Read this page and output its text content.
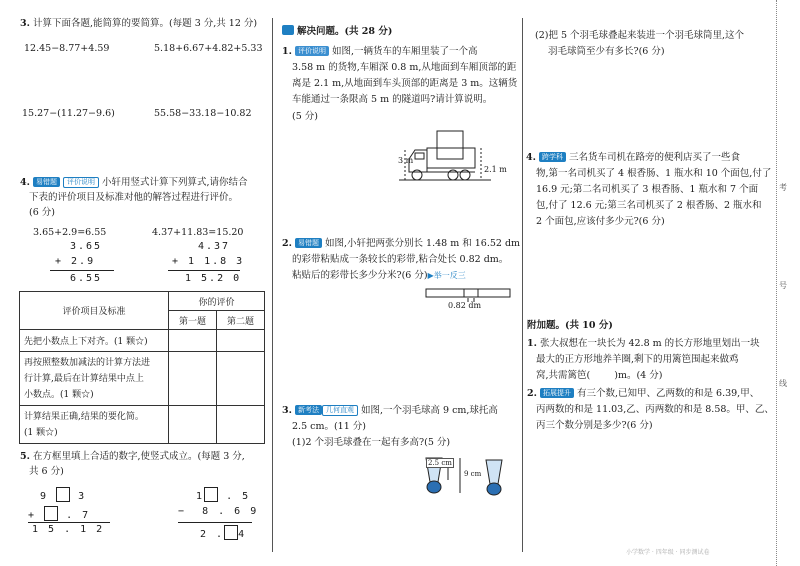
3. 计算下面各题,能简算的要简算。(每题 3 分,共 12 分)
12.45−8.77+4.59	5.18+6.67+4.82+5.33
15.27−(11.27−9.6)	55.58−33.18−10.82
4. 易错题 评价说明 小轩用竖式计算下列算式,请你结合
下表的评价项目及标准对他的解答过程进行评价。
(6 分)
3.65+2.9=6.55	4.37+11.83=15.20
3.65
+ 2.9
6.55
4.37
+ 1 1.8 3
1 5.2 0
评价项目及标准	你的评价	
	第一题	第二题
先把小数点上下对齐。(1 颗☆)		
再按照整数加减法的计算方法进
行计算,最后在计算结果中点上
小数点。(1 颗☆)		
计算结果正确,结果的要化简。
(1 颗☆)		
5. 在方框里填上合适的数字,使竖式成立。(每题 3 分,
共 6 分)
9	3
+	. 7
1 5 . 1 2
1 . 5
− 8 . 6 9
2 . 4
解决问题。(共 28 分)
1. 评价说明 如图,一辆货车的车厢里装了一个高
3.58 m 的货物,车厢深 0.8 m,从地面到车厢顶部的距
离是 2.1 m,从地面到车头顶部的距离是 3 m。这辆货
车能通过一条限高 5 m 的隧道吗?请计算说明。
(5 分)
3 m
2.1 m
2. 易错题 如图,小轩把两张分别长 1.48 m 和 16.52 dm
的彩带粘贴成一条较长的彩带,粘合处长 0.82 dm。
粘贴后的彩带长多少分米?(6 分)▶举一反三
0.82 dm
3. 新考法 几何直观 如图,一个羽毛球高 9 cm,球托高
2.5 cm。(11 分)
(1)2 个羽毛球叠在一起有多高?(5 分)
2.5 cm
9 cm
(2)把 5 个羽毛球叠起来装进一个羽毛球筒里,这个
羽毛球筒至少有多长?(6 分)
4. 跨学科 三名货车司机在路旁的便利店买了一些食
物,第一名司机买了 4 根香肠、1 瓶水和 10 个面包,付了
16.9 元;第二名司机买了 3 根香肠、1 瓶水和 7 个面
包,付了 12.6 元;第三名司机买了 2 根香肠、2 瓶水和
2 个面包,应该付多少元?(6 分)
附加题。(共 10 分)
1. 张大叔想在一块长为 42.8 m 的长方形地里划出一块
最大的正方形地养羊圈,剩下的用篱笆围起来做鸡
窝,共需篱笆(	)m。(4 分)
2. 拓展提升 有三个数,已知甲、乙两数的和是 6.39,甲、
丙两数的和是 11.03,乙、丙两数的和是 8.58。甲、乙、
丙三个数分别是多少?(6 分)
考
号
线
小学数学 · 四年级 · 同步测试卷
